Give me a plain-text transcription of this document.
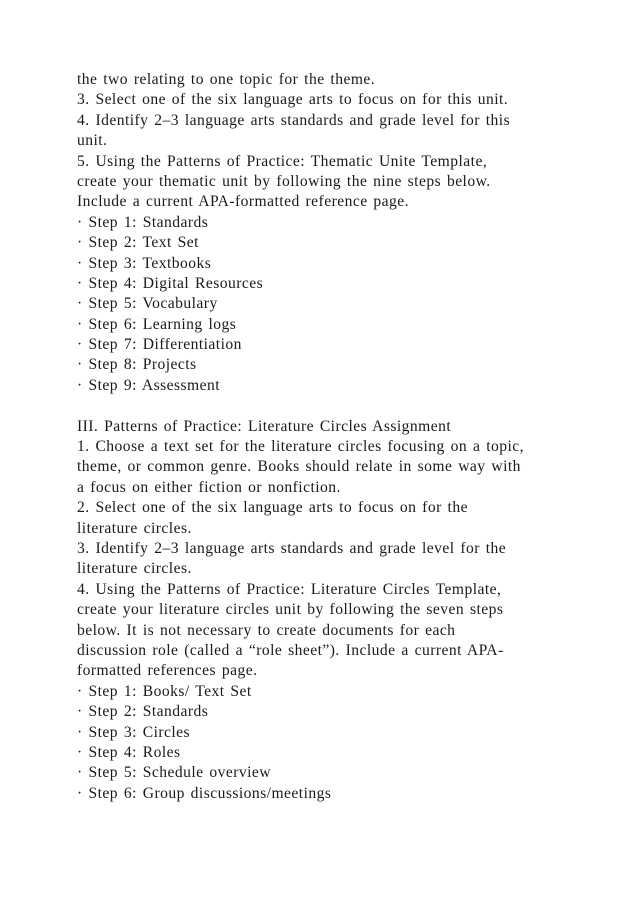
the two relating to one topic for the theme.
3. Select one of the six language arts to focus on for this unit.
4. Identify 2–3 language arts standards and grade level for this
unit.
5. Using the Patterns of Practice: Thematic Unite Template,
create your thematic unit by following the nine steps below.
Include a current APA-formatted reference page.
· Step 1: Standards
· Step 2: Text Set
· Step 3: Textbooks
· Step 4: Digital Resources
· Step 5: Vocabulary
· Step 6: Learning logs
· Step 7: Differentiation
· Step 8: Projects
· Step 9: Assessment
III. Patterns of Practice: Literature Circles Assignment
1. Choose a text set for the literature circles focusing on a topic,
theme, or common genre. Books should relate in some way with
a focus on either fiction or nonfiction.
2. Select one of the six language arts to focus on for the
literature circles.
3. Identify 2–3 language arts standards and grade level for the
literature circles.
4. Using the Patterns of Practice: Literature Circles Template,
create your literature circles unit by following the seven steps
below. It is not necessary to create documents for each
discussion role (called a “role sheet”). Include a current APA-
formatted references page.
· Step 1: Books/ Text Set
· Step 2: Standards
· Step 3: Circles
· Step 4: Roles
· Step 5: Schedule overview
· Step 6: Group discussions/meetings
